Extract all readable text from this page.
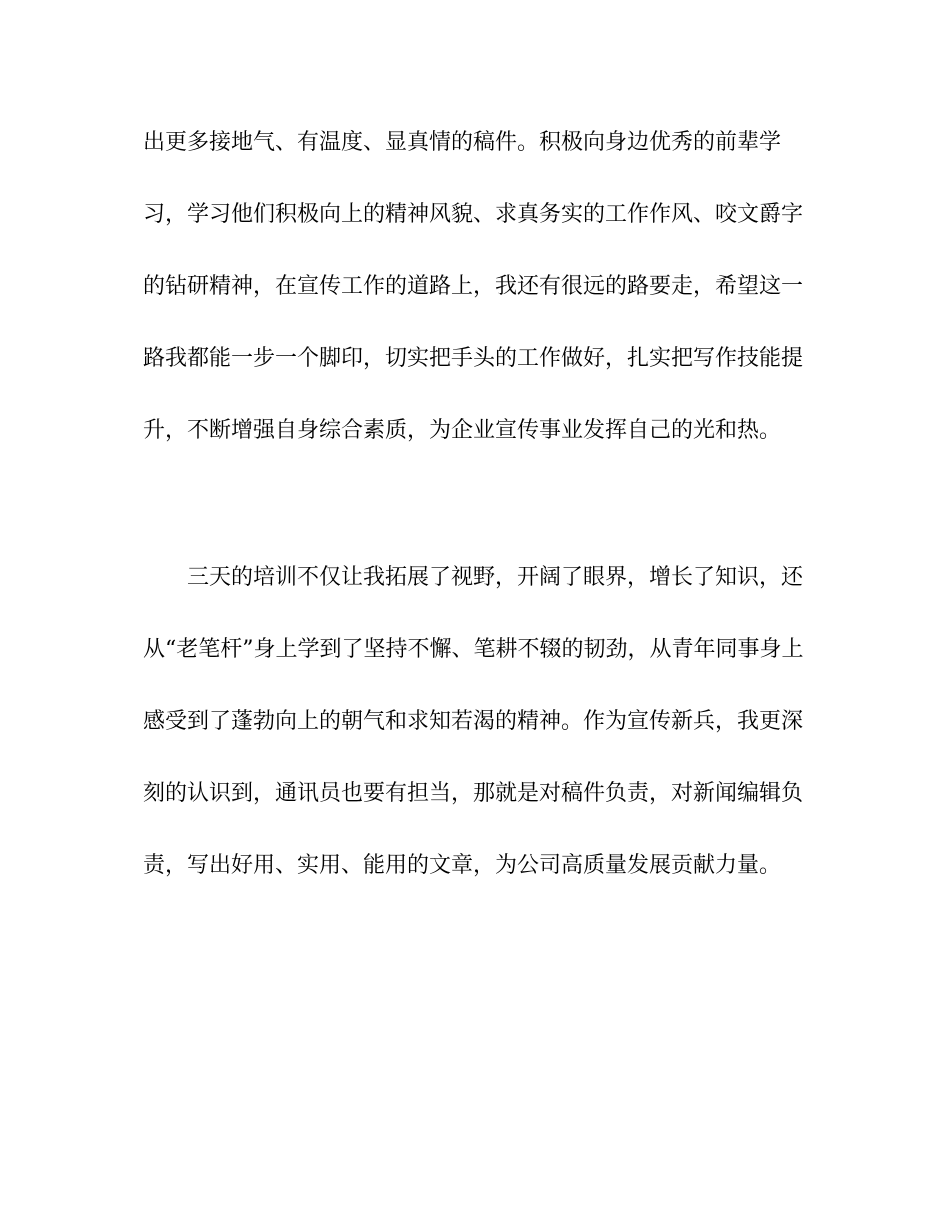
出更多接地气、有温度、显真情的稿件。积极向身边优秀的前辈学
习，学习他们积极向上的精神风貌、求真务实的工作作风、咬文爵字
的钻研精神，在宣传工作的道路上，我还有很远的路要走，希望这一
路我都能一步一个脚印，切实把手头的工作做好，扎实把写作技能提
升，不断增强自身综合素质，为企业宣传事业发挥自己的光和热。
三天的培训不仅让我拓展了视野，开阔了眼界，增长了知识，还
从“老笔杆”身上学到了坚持不懈、笔耕不辍的韧劲，从青年同事身上
感受到了蓬勃向上的朝气和求知若渴的精神。作为宣传新兵，我更深
刻的认识到，通讯员也要有担当，那就是对稿件负责，对新闻编辑负
责，写出好用、实用、能用的文章，为公司高质量发展贡献力量。
